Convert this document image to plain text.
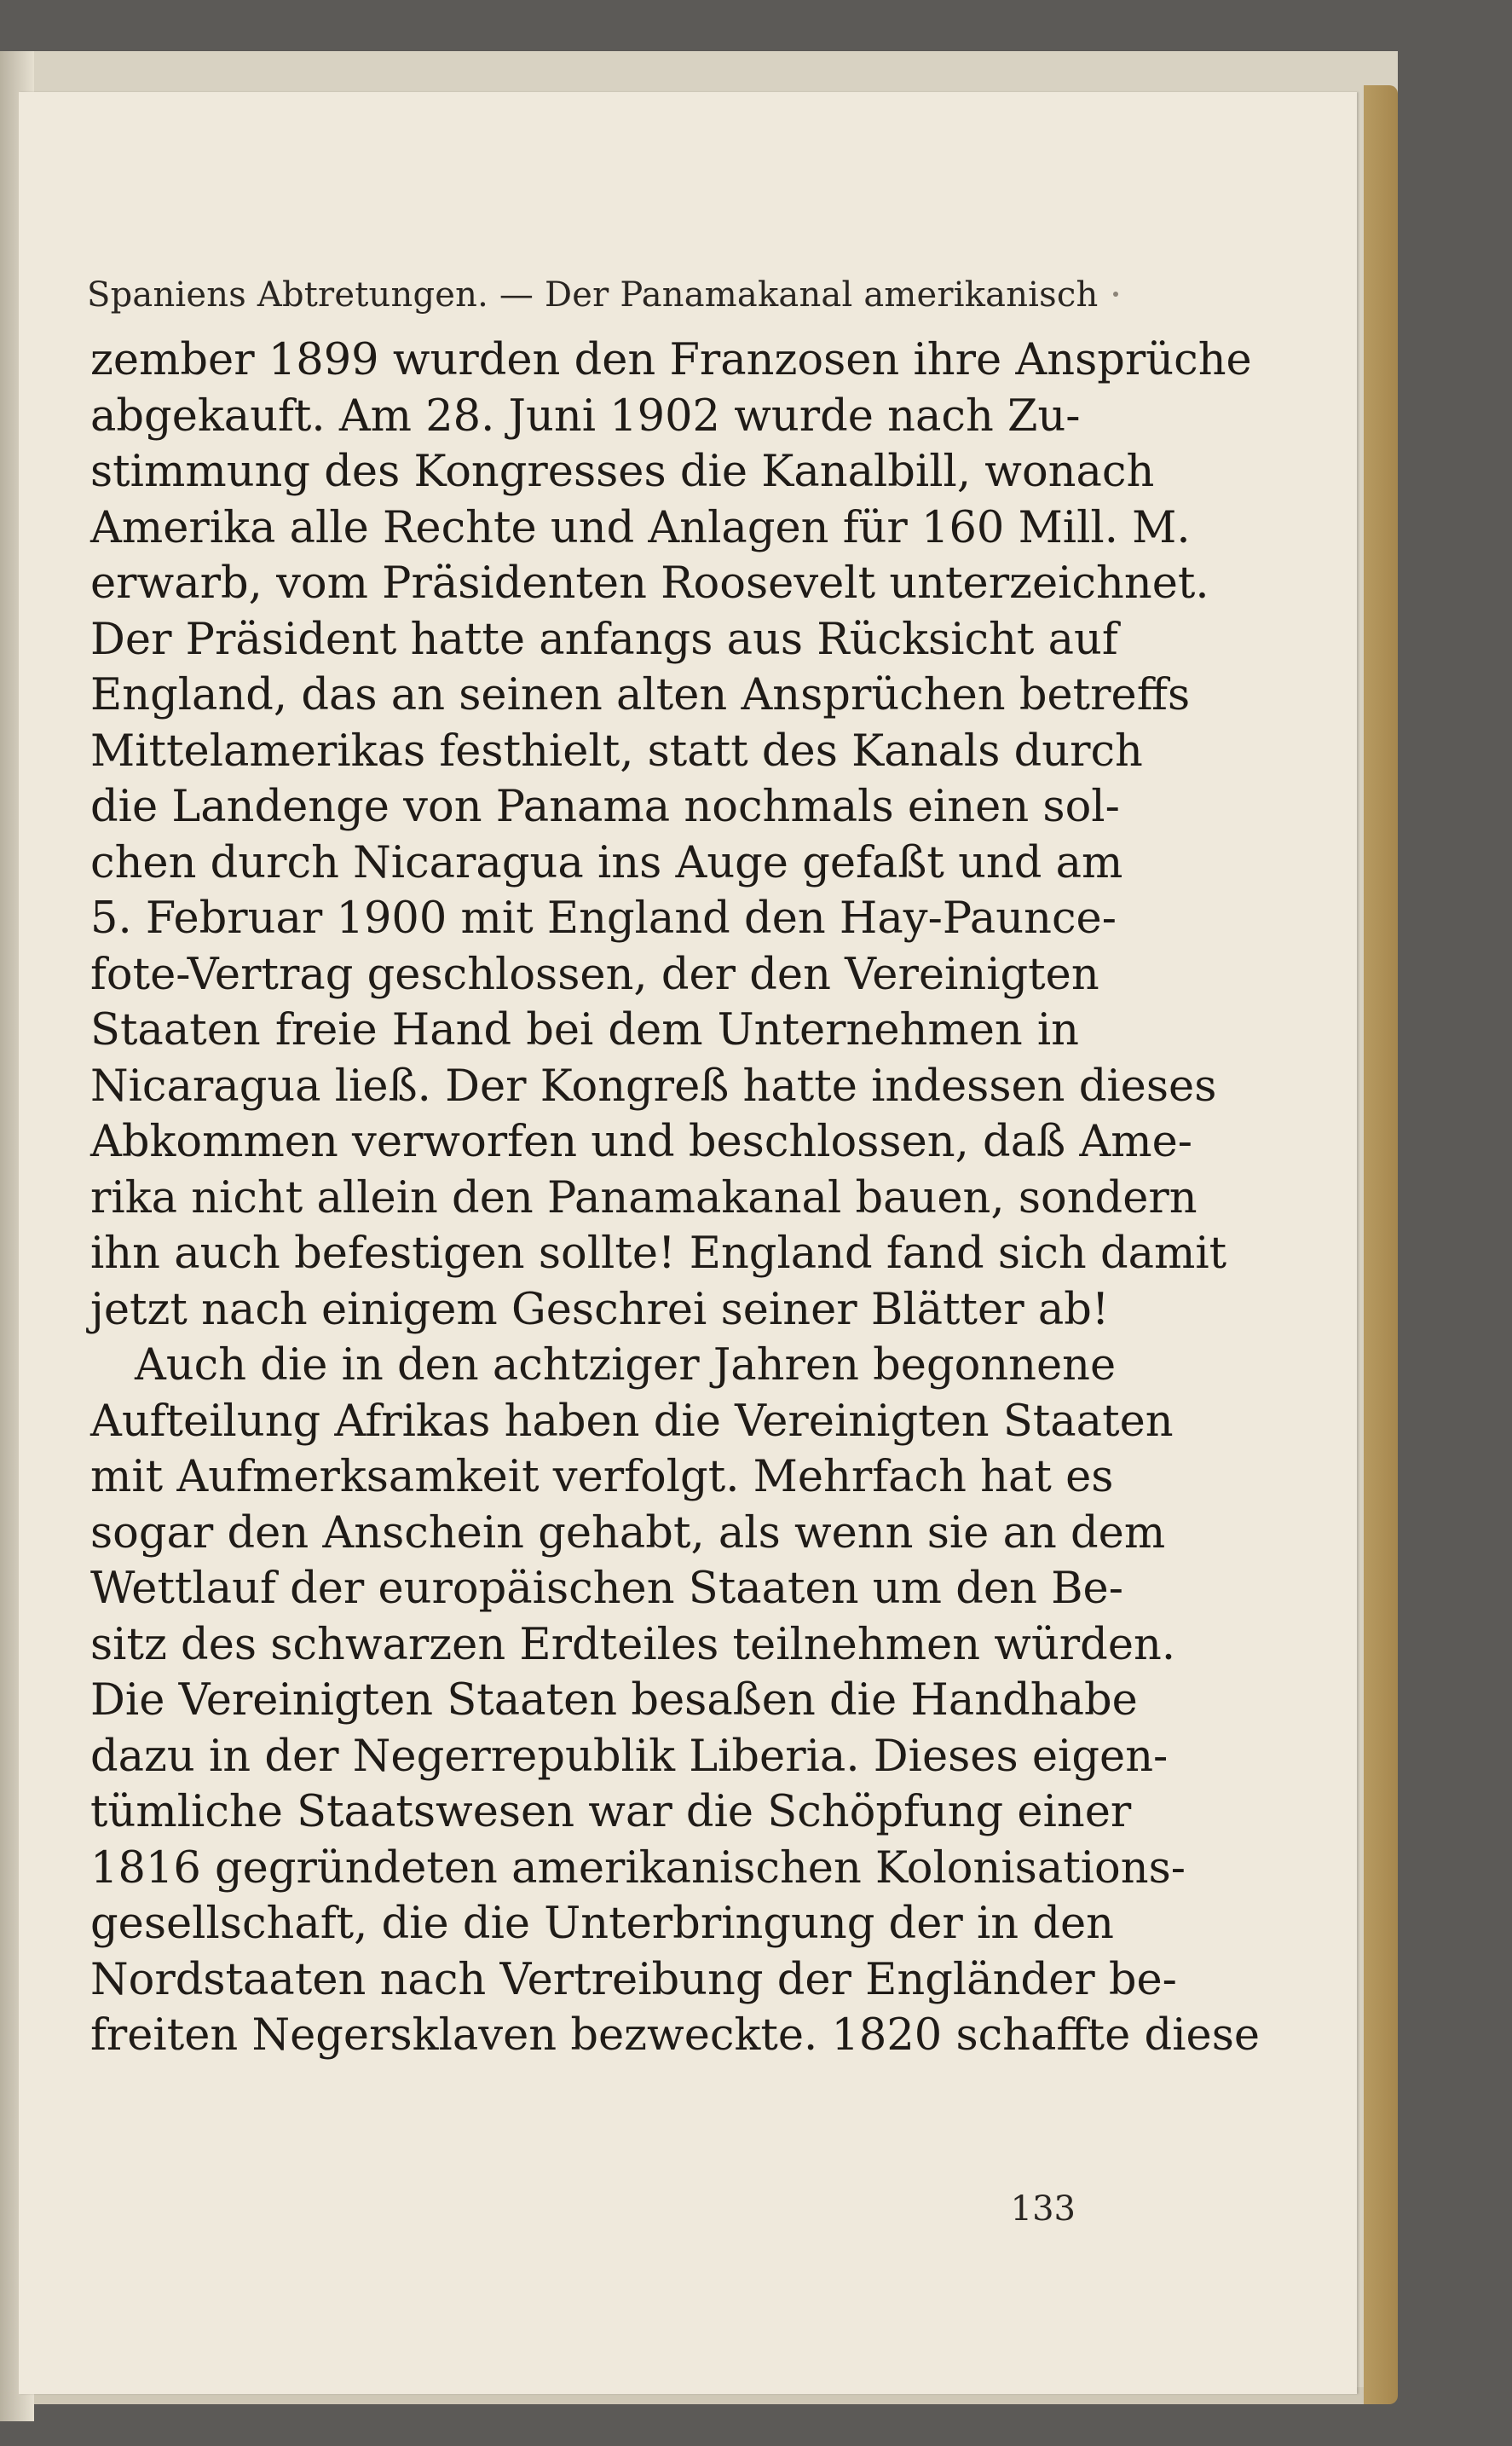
Spaniens Abtretungen. — Der Panamakanal amerikanisch
zember 1899 wurden den Franzosen ihre Ansprüche
abgekauft. Am 28. Juni 1902 wurde nach Zu-
stimmung des Kongresses die Kanalbill, wonach
Amerika alle Rechte und Anlagen für 160 Mill. M.
erwarb, vom Präsidenten Roosevelt unterzeichnet.
Der Präsident hatte anfangs aus Rücksicht auf
England, das an seinen alten Ansprüchen betreffs
Mittelamerikas festhielt, statt des Kanals durch
die Landenge von Panama nochmals einen sol-
chen durch Nicaragua ins Auge gefaßt und am
5. Februar 1900 mit England den Hay-Paunce-
fote-Vertrag geschlossen, der den Vereinigten
Staaten freie Hand bei dem Unternehmen in
Nicaragua ließ. Der Kongreß hatte indessen dieses
Abkommen verworfen und beschlossen, daß Ame-
rika nicht allein den Panamakanal bauen, sondern
ihn auch befestigen sollte! England fand sich damit
jetzt nach einigem Geschrei seiner Blätter ab!
Auch die in den achtziger Jahren begonnene
Aufteilung Afrikas haben die Vereinigten Staaten
mit Aufmerksamkeit verfolgt. Mehrfach hat es
sogar den Anschein gehabt, als wenn sie an dem
Wettlauf der europäischen Staaten um den Be-
sitz des schwarzen Erdteiles teilnehmen würden.
Die Vereinigten Staaten besaßen die Handhabe
dazu in der Negerrepublik Liberia. Dieses eigen-
tümliche Staatswesen war die Schöpfung einer
1816 gegründeten amerikanischen Kolonisations-
gesellschaft, die die Unterbringung der in den
Nordstaaten nach Vertreibung der Engländer be-
freiten Negersklaven bezweckte. 1820 schaffte diese
133
